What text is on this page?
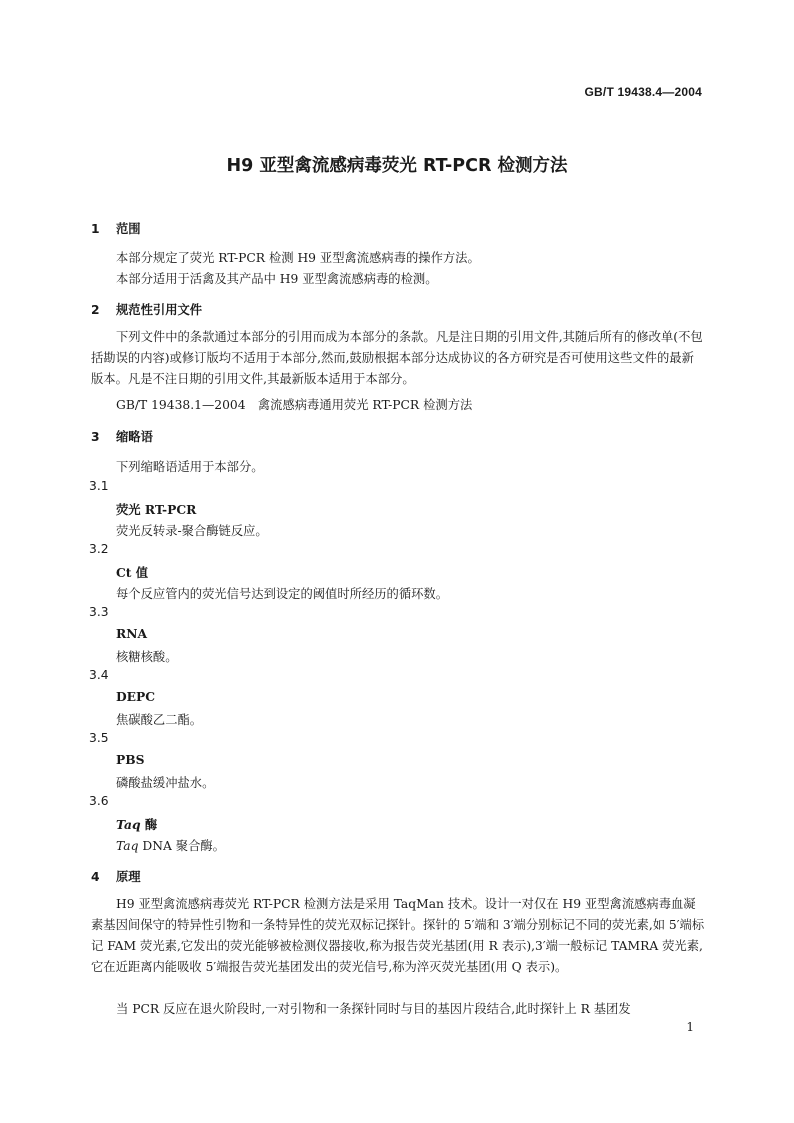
GB/T 19438.4—2004
H9 亚型禽流感病毒荧光 RT-PCR 检测方法
1 范围
本部分规定了荧光 RT-PCR 检测 H9 亚型禽流感病毒的操作方法。
本部分适用于活禽及其产品中 H9 亚型禽流感病毒的检测。
2 规范性引用文件
下列文件中的条款通过本部分的引用而成为本部分的条款。凡是注日期的引用文件,其随后所有的修改单(不包括勘误的内容)或修订版均不适用于本部分,然而,鼓励根据本部分达成协议的各方研究是否可使用这些文件的最新版本。凡是不注日期的引用文件,其最新版本适用于本部分。
GB/T 19438.1—2004　禽流感病毒通用荧光 RT-PCR 检测方法
3 缩略语
下列缩略语适用于本部分。
3.1
荧光 RT-PCR
荧光反转录-聚合酶链反应。
3.2
Ct 值
每个反应管内的荧光信号达到设定的阈值时所经历的循环数。
3.3
RNA
核糖核酸。
3.4
DEPC
焦碳酸乙二酯。
3.5
PBS
磷酸盐缓冲盐水。
3.6
Taq 酶
Taq DNA 聚合酶。
4 原理
H9 亚型禽流感病毒荧光 RT-PCR 检测方法是采用 TaqMan 技术。设计一对仅在 H9 亚型禽流感病毒血凝素基因间保守的特异性引物和一条特异性的荧光双标记探针。探针的 5′端和 3′端分别标记不同的荧光素,如 5′端标记 FAM 荧光素,它发出的荧光能够被检测仪器接收,称为报告荧光基团(用 R 表示),3′端一般标记 TAMRA 荧光素,它在近距离内能吸收 5′端报告荧光基团发出的荧光信号,称为淬灭荧光基团(用 Q 表示)。
当 PCR 反应在退火阶段时,一对引物和一条探针同时与目的基因片段结合,此时探针上 R 基团发
1
